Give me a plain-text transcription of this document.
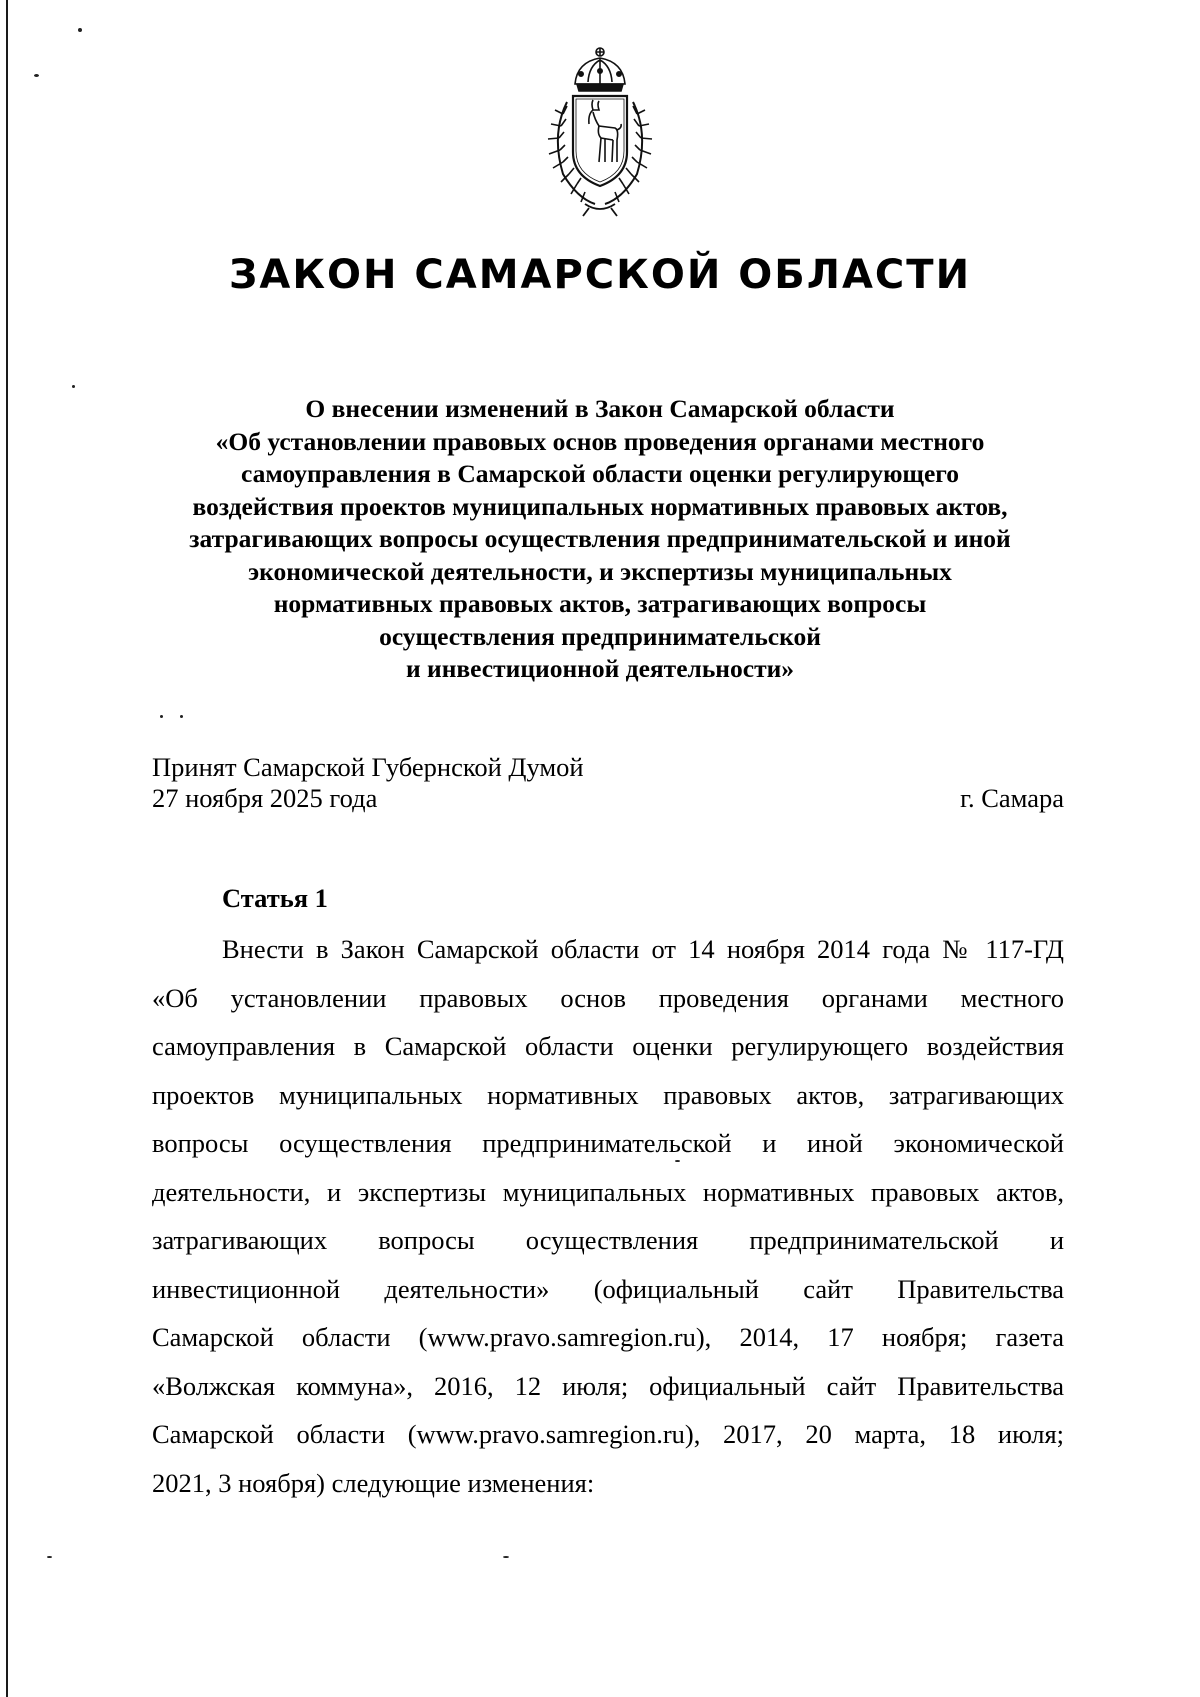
ЗАКОН САМАРСКОЙ ОБЛАСТИ
О внесении изменений в Закон Самарской области
«Об установлении правовых основ проведения органами местного
самоуправления в Самарской области оценки регулирующего
воздействия проектов муниципальных нормативных правовых актов,
затрагивающих вопросы осуществления предпринимательской и иной
экономической деятельности, и экспертизы муниципальных
нормативных правовых актов, затрагивающих вопросы
осуществления предпринимательской
и инвестиционной деятельности»
Принят Самарской Губернской Думой
27 ноября 2025 года	г. Самара
Статья 1
Внести в Закон Самарской области от 14 ноября 2014 года № 117-ГД
«Об установлении правовых основ проведения органами местного
самоуправления в Самарской области оценки регулирующего воздействия
проектов муниципальных нормативных правовых актов, затрагивающих
вопросы осуществления предпринимательской и иной экономической
деятельности, и экспертизы муниципальных нормативных правовых актов,
затрагивающих вопросы осуществления предпринимательской и
инвестиционной деятельности» (официальный сайт Правительства
Самарской области (www.pravo.samregion.ru), 2014, 17 ноября; газета
«Волжская коммуна», 2016, 12 июля; официальный сайт Правительства
Самарской области (www.pravo.samregion.ru), 2017, 20 марта, 18 июля;
2021, 3 ноября) следующие изменения:
